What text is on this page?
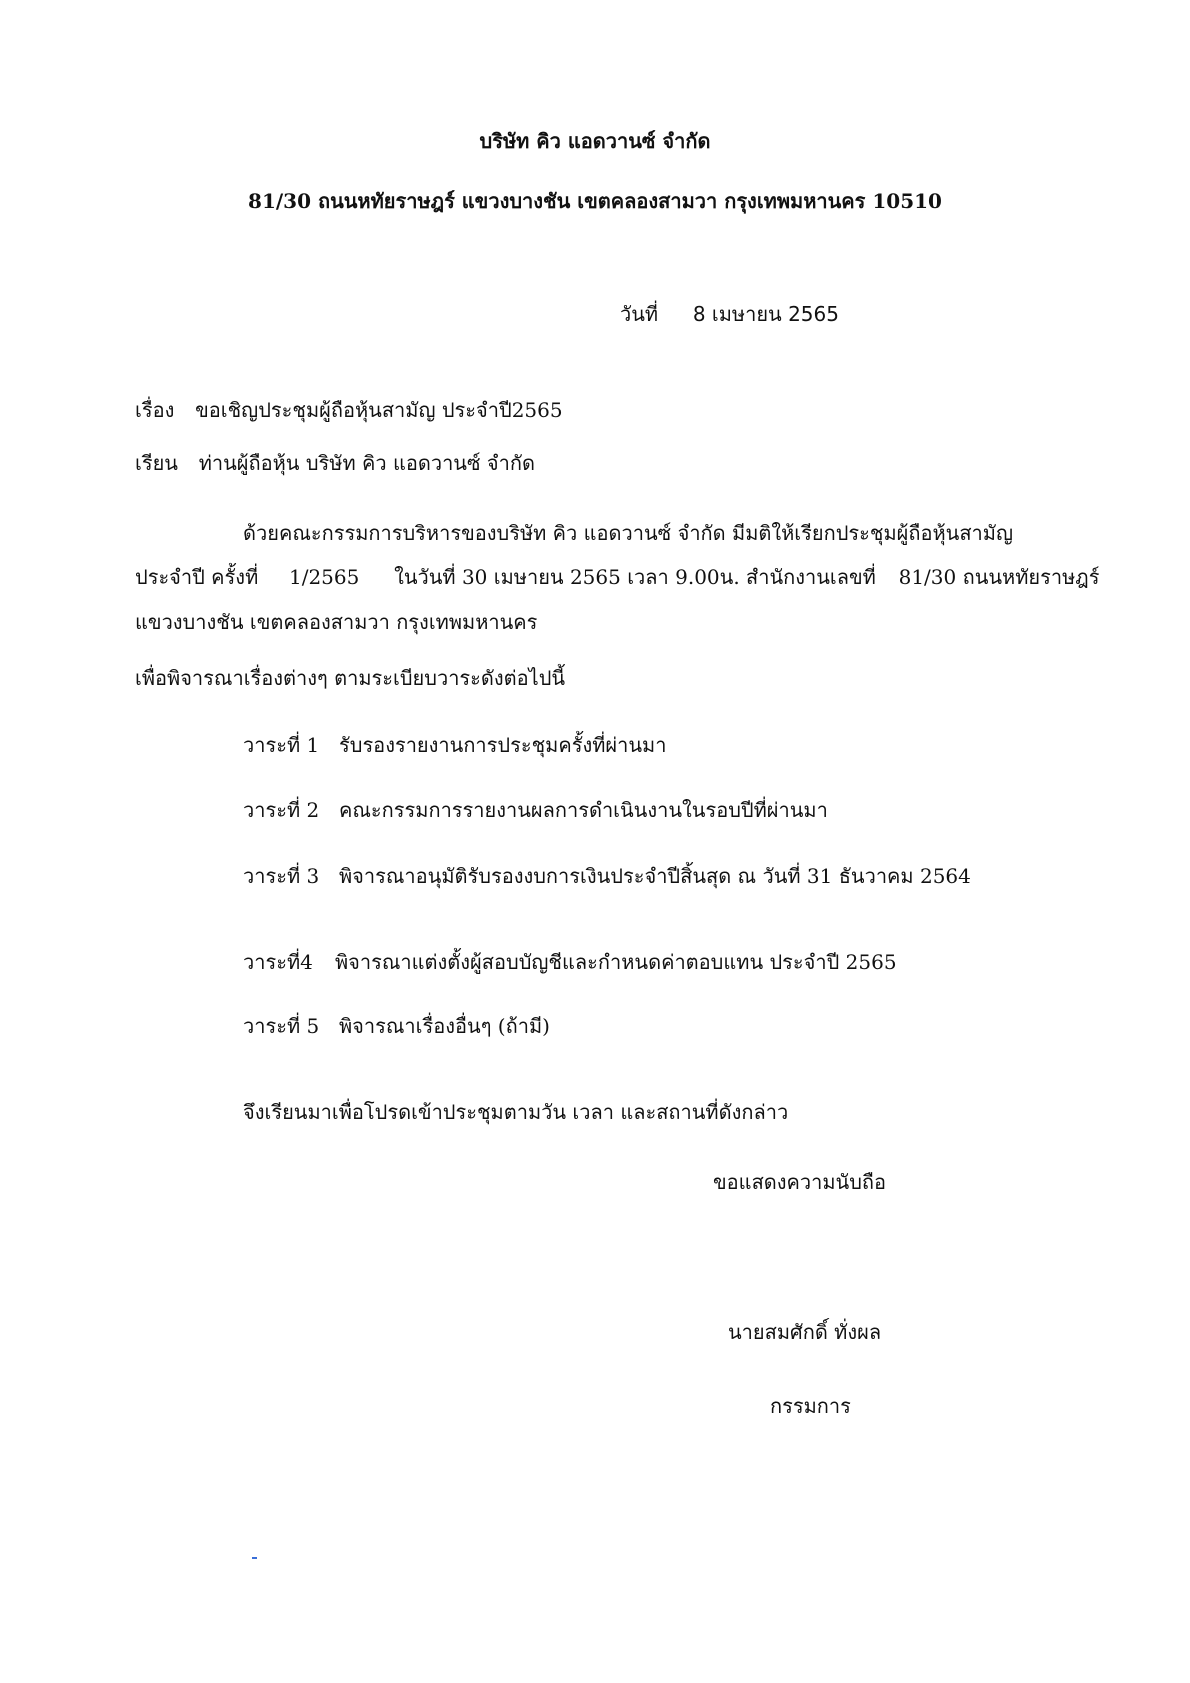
บริษัท คิว แอดวานซ์ จำกัด
81/30 ถนนหทัยราษฎร์ แขวงบางชัน เขตคลองสามวา กรุงเทพมหานคร 10510
วันที่ 8 เมษายน 2565
เรื่อง ขอเชิญประชุมผู้ถือหุ้นสามัญ ประจำปี2565
เรียน ท่านผู้ถือหุ้น บริษัท คิว แอดวานซ์ จำกัด
ด้วยคณะกรรมการบริหารของบริษัท คิว แอดวานซ์ จำกัด มีมติให้เรียกประชุมผู้ถือหุ้นสามัญ
ประจำปี ครั้งที่ 1/2565 ในวันที่ 30 เมษายน 2565 เวลา 9.00น. สำนักงานเลขที่ 81/30 ถนนหทัยราษฎร์
แขวงบางชัน เขตคลองสามวา กรุงเทพมหานคร
เพื่อพิจารณาเรื่องต่างๆ ตามระเบียบวาระดังต่อไปนี้
วาระที่ 1 รับรองรายงานการประชุมครั้งที่ผ่านมา
วาระที่ 2 คณะกรรมการรายงานผลการดำเนินงานในรอบปีที่ผ่านมา
วาระที่ 3 พิจารณาอนุมัติรับรองงบการเงินประจำปีสิ้นสุด ณ วันที่ 31 ธันวาคม 2564
วาระที่4 พิจารณาแต่งตั้งผู้สอบบัญชีและกำหนดค่าตอบแทน ประจำปี 2565
วาระที่ 5 พิจารณาเรื่องอื่นๆ (ถ้ามี)
จึงเรียนมาเพื่อโปรดเข้าประชุมตามวัน เวลา และสถานที่ดังกล่าว
ขอแสดงความนับถือ
นายสมศักดิ์ ทั่งผล
กรรมการ
